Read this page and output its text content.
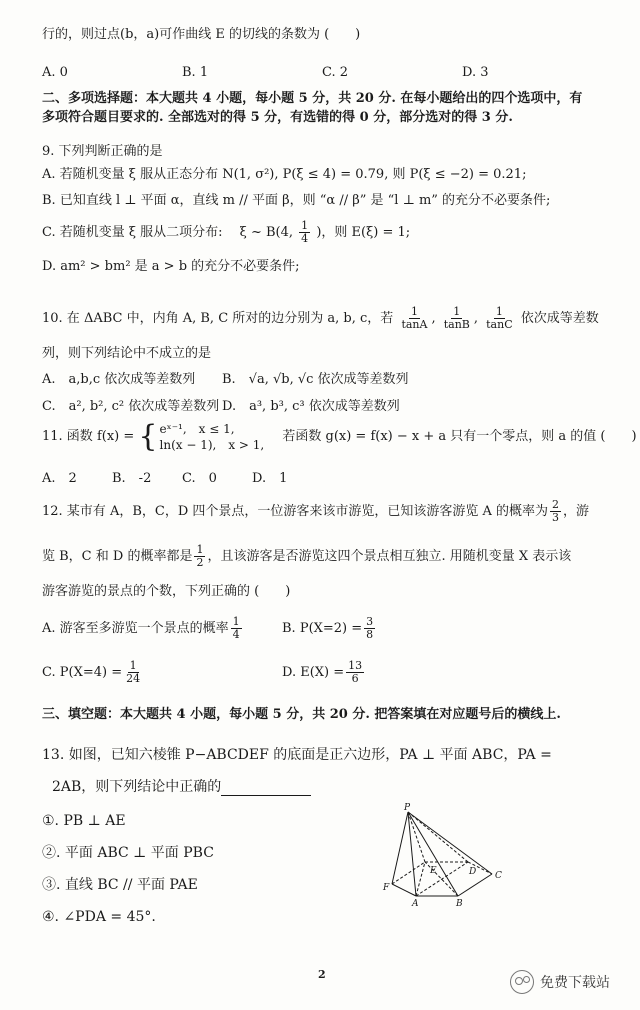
行的，则过点(b，a)可作曲线 E 的切线的条数为 (　　)
A. 0	B. 1	C. 2	D. 3
二、多项选择题：本大题共 4 小题，每小题 5 分，共 20 分. 在每小题给出的四个选项中，有
多项符合题目要求的. 全部选对的得 5 分，有选错的得 0 分，部分选对的得 3 分.
9. 下列判断正确的是
A. 若随机变量 ξ 服从正态分布 N(1, σ²), P(ξ ≤ 4) = 0.79, 则 P(ξ ≤ −2) = 0.21;
B. 已知直线 l ⊥ 平面 α，直线 m // 平面 β，则 “α // β” 是 “l ⊥ m” 的充分不必要条件;
C. 若随机变量 ξ 服从二项分布:　 ξ ~ B(4, $\frac{1}{4}$ )，则 E(ξ) = 1;
D. am² > bm² 是 a > b 的充分不必要条件;
10. 在 ΔABC 中，内角 A, B, C 所对的边分别为 a, b, c，若 $\frac{1}{\tan A}$ , $\frac{1}{\tan B}$ , $\frac{1}{\tan C}$ 依次成等差数
列，则下列结论中不成立的是
A.　a,b,c 依次成等差数列 B.　√a, √b, √c 依次成等差数列
C.　a², b², c² 依次成等差数列 D.　a³, b³, c³ 依次成等差数列
11. 函数 f(x) = { eˣ⁻¹,　x ≤ 1,
ln(x − 1),　x > 1,
若函数 g(x) = f(x) − x + a 只有一个零点，则 a 的值 (　　)
A.　2	B.　-2 C.　0	D.　1
12. 某市有 A，B，C，D 四个景点，一位游客来该市游览，已知该游客游览 A 的概率为 $\frac{2}{3}$ ，游
览 B，C 和 D 的概率都是 $\frac{1}{2}$ ，且该游客是否游览这四个景点相互独立. 用随机变量 X 表示该
游客游览的景点的个数，下列正确的 (　　)
A. 游客至多游览一个景点的概率 $\frac{1}{4}$	B. $P(X=2) = \frac{3}{8}$
C. $P(X=4) = \frac{1}{24}$	D. $E(X) = \frac{13}{6}$
三、填空题：本大题共 4 小题，每小题 5 分，共 20 分. 把答案填在对应题号后的横线上.
13. 如图，已知六棱锥 P−ABCDEF 的底面是正六边形，PA ⊥ 平面 ABC，PA =
2AB，则下列结论中正确的
①. PB ⊥ AE
②. 平面 ABC ⊥ 平面 PBC
③. 直线 BC // 平面 PAE
④. ∠PDA = 45°.
P
F
A	B
C
D
E
2
免费下载站
